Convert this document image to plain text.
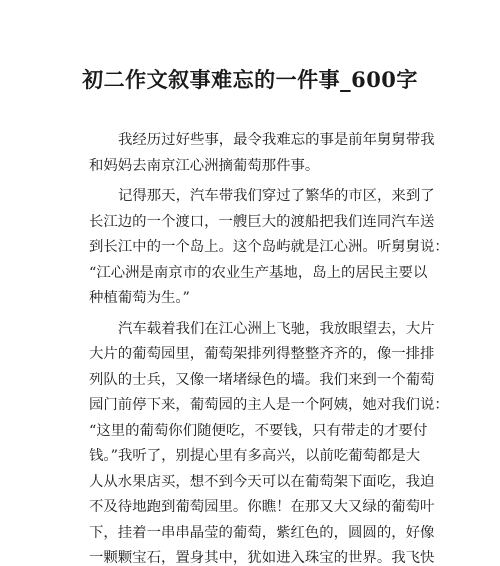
初二作文叙事难忘的一件事_600字

我经历过好些事，最令我难忘的事是前年舅舅带我
和妈妈去南京江心洲摘葡萄那件事。

记得那天，汽车带我们穿过了繁华的市区，来到了
长江边的一个渡口，一艘巨大的渡船把我们连同汽车送
到长江中的一个岛上。这个岛屿就是江心洲。听舅舅说：
“江心洲是南京市的农业生产基地，岛上的居民主要以
种植葡萄为生。”

汽车载着我们在江心洲上飞驰，我放眼望去，大片
大片的葡萄园里，葡萄架排列得整整齐齐的，像一排排
列队的士兵，又像一堵堵绿色的墙。我们来到一个葡萄
园门前停下来，葡萄园的主人是一个阿姨，她对我们说：
“这里的葡萄你们随便吃，不要钱，只有带走的才要付
钱。”我听了，别提心里有多高兴，以前吃葡萄都是大
人从水果店买，想不到今天可以在葡萄架下面吃，我迫
不及待地跑到葡萄园里。你瞧！在那又大又绿的葡萄叶
下，挂着一串串晶莹的葡萄，紫红色的，圆圆的，好像
一颗颗宝石，置身其中，犹如进入珠宝的世界。我飞快
